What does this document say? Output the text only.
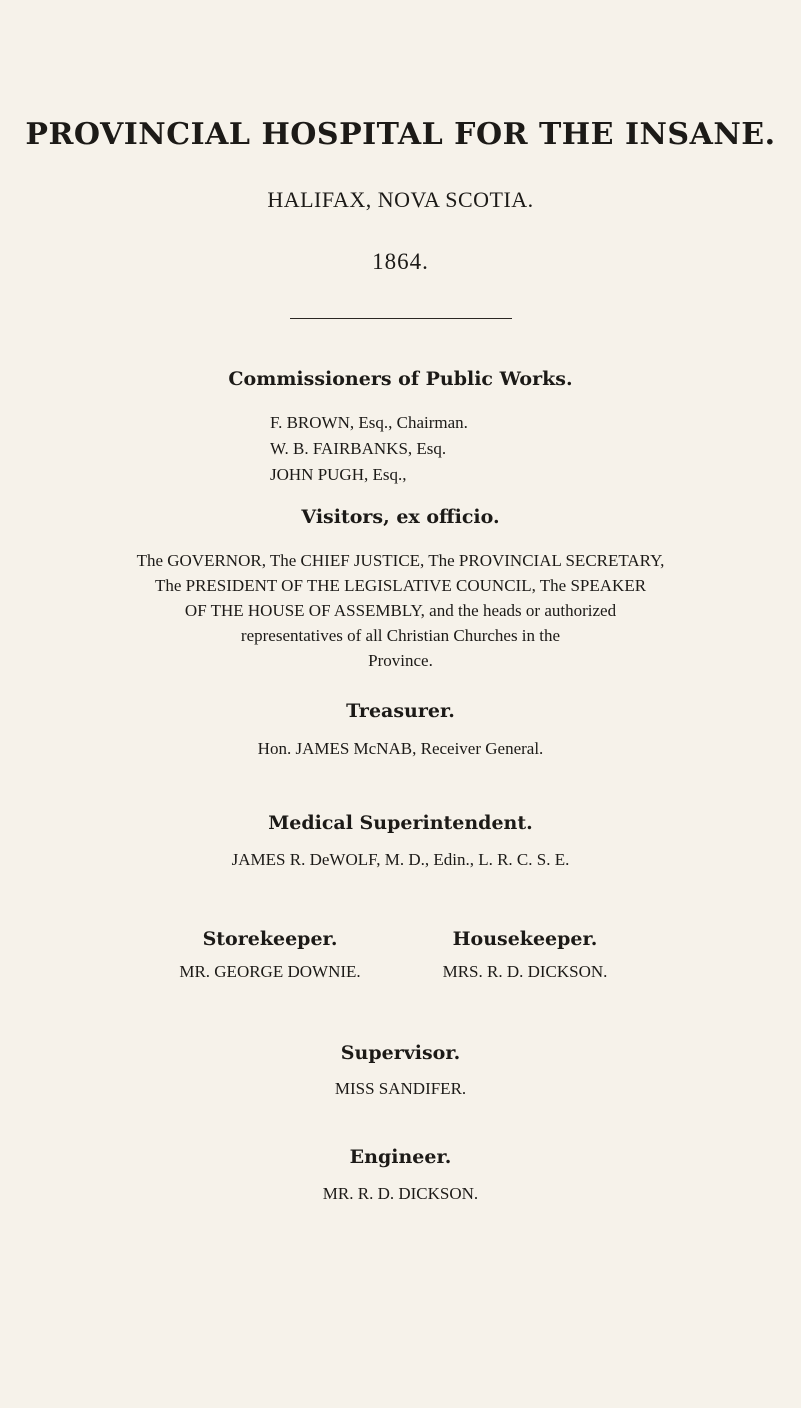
PROVINCIAL HOSPITAL FOR THE INSANE.
HALIFAX, NOVA SCOTIA.
1864.
Commissioners of Public Works.
F. BROWN, Esq., Chairman.
W. B. FAIRBANKS, Esq.
JOHN PUGH, Esq.,
Visitors, ex officio.
The GOVERNOR, The CHIEF JUSTICE, The PROVINCIAL SECRETARY,
The PRESIDENT OF THE LEGISLATIVE COUNCIL, The SPEAKER
OF THE HOUSE OF ASSEMBLY, and the heads or authorized
representatives of all Christian Churches in the
Province.
Treasurer.
Hon. JAMES McNAB, Receiver General.
Medical Superintendent.
JAMES R. DeWOLF, M. D., Edin., L. R. C. S. E.
Storekeeper.
MR. GEORGE DOWNIE.
Housekeeper.
MRS. R. D. DICKSON.
Supervisor.
MISS SANDIFER.
Engineer.
MR. R. D. DICKSON.
